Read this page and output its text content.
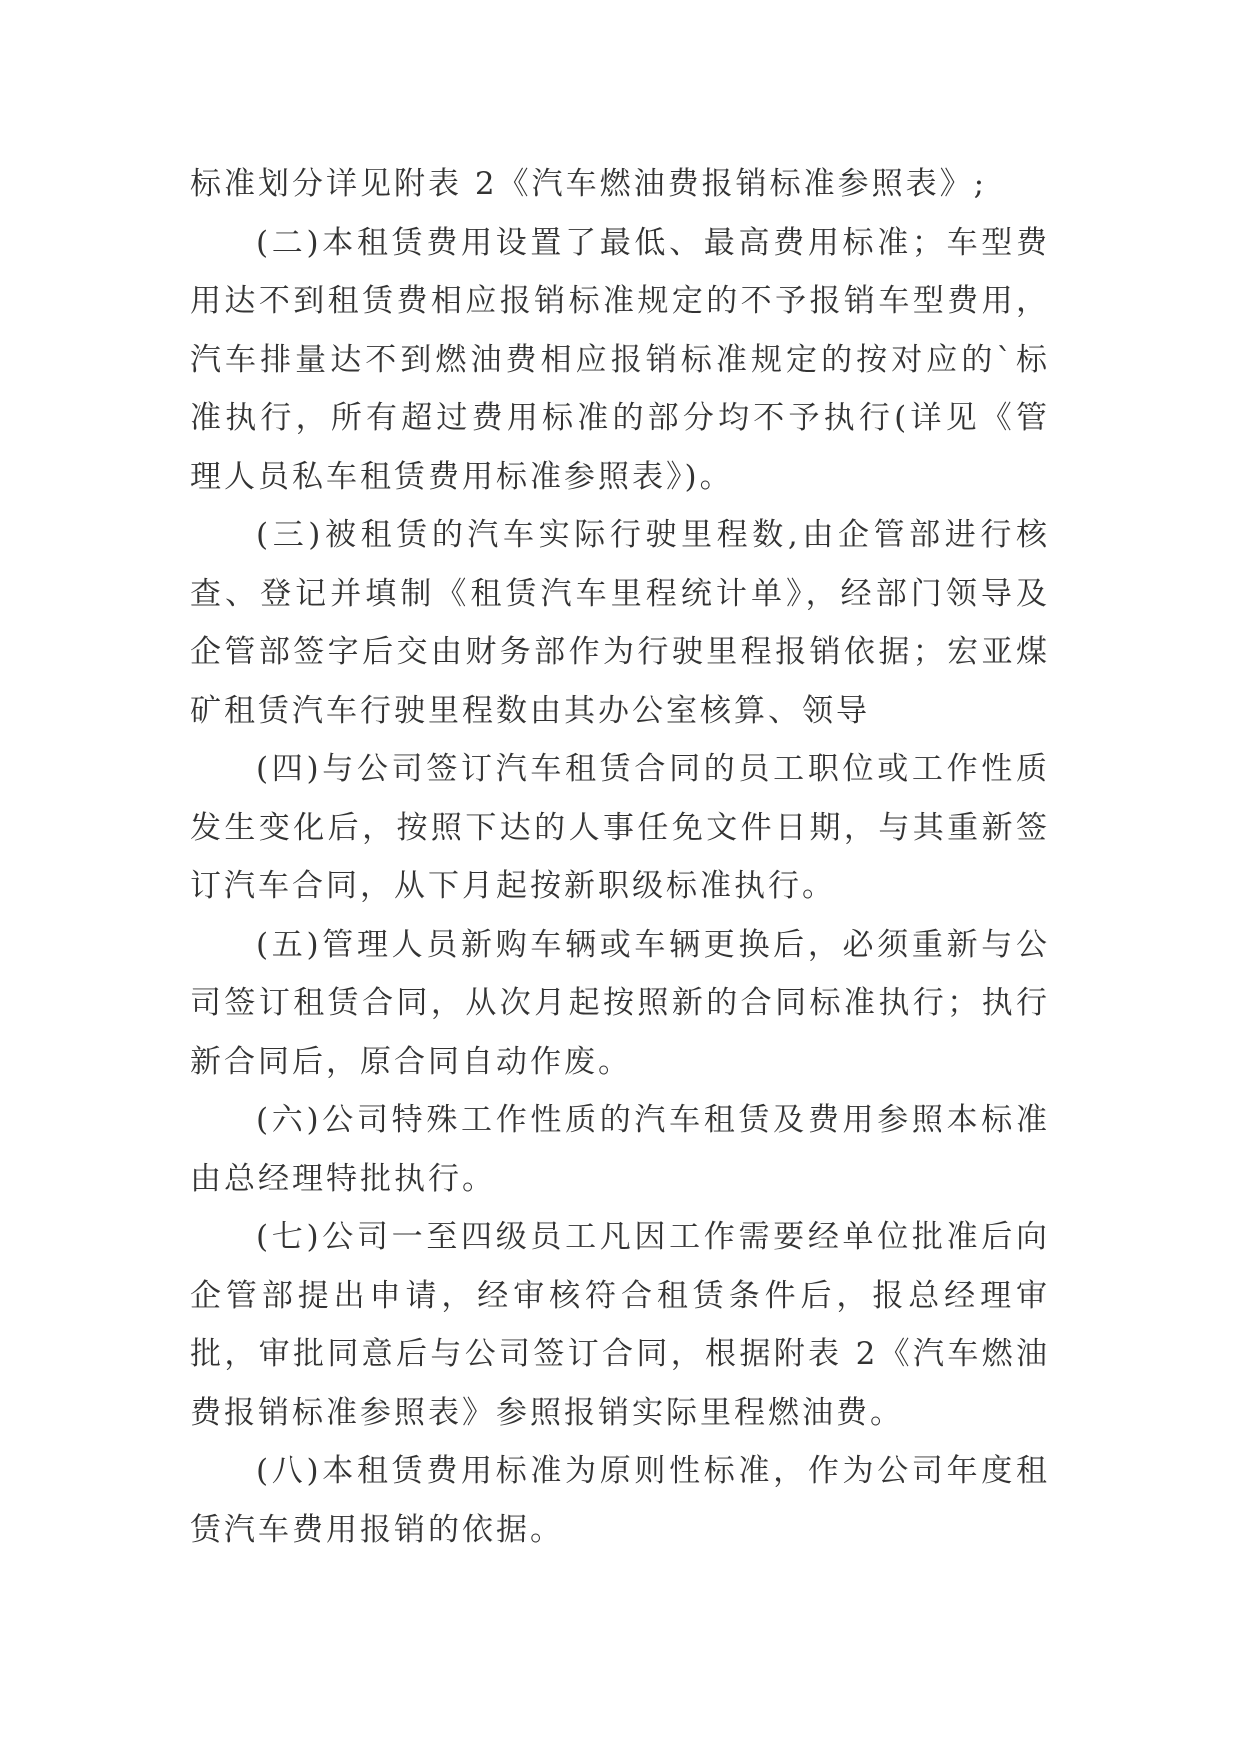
标准划分详见附表 2《汽车燃油费报销标准参照表》;

(二)本租赁费用设置了最低、最高费用标准；车型费用达不到租赁费相应报销标准规定的不予报销车型费用，汽车排量达不到燃油费相应报销标准规定的按对应的`标准执行，所有超过费用标准的部分均不予执行(详见《管理人员私车租赁费用标准参照表》)。

(三)被租赁的汽车实际行驶里程数,由企管部进行核查、登记并填制《租赁汽车里程统计单》，经部门领导及企管部签字后交由财务部作为行驶里程报销依据；宏亚煤矿租赁汽车行驶里程数由其办公室核算、领导

(四)与公司签订汽车租赁合同的员工职位或工作性质发生变化后，按照下达的人事任免文件日期，与其重新签订汽车合同，从下月起按新职级标准执行。

(五)管理人员新购车辆或车辆更换后，必须重新与公司签订租赁合同，从次月起按照新的合同标准执行；执行新合同后，原合同自动作废。

(六)公司特殊工作性质的汽车租赁及费用参照本标准由总经理特批执行。

(七)公司一至四级员工凡因工作需要经单位批准后向企管部提出申请，经审核符合租赁条件后，报总经理审批，审批同意后与公司签订合同，根据附表 2《汽车燃油费报销标准参照表》参照报销实际里程燃油费。

(八)本租赁费用标准为原则性标准，作为公司年度租赁汽车费用报销的依据。
